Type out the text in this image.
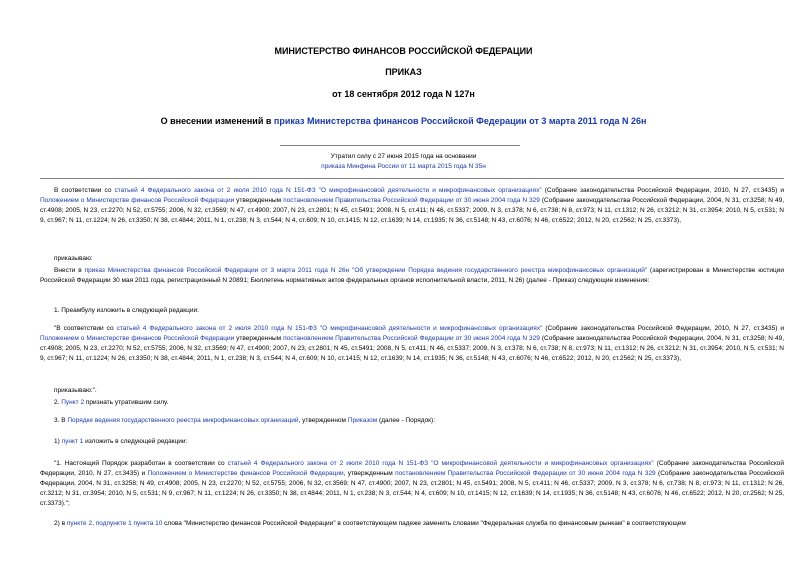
МИНИСТЕРСТВО ФИНАНСОВ РОССИЙСКОЙ ФЕДЕРАЦИИ
ПРИКАЗ
от 18 сентября 2012 года N 127н
О внесении изменений в приказ Министерства финансов Российской Федерации от 3 марта 2011 года N 26н
Утратил силу с 27 июня 2015 года на основании
приказа Минфина России от 11 марта 2015 года N 35н
В соответствии со статьей 4 Федерального закона от 2 июля 2010 года N 151-ФЗ "О микрофинансовой деятельности и микрофинансовых организациях" (Собрание законодательства Российской Федерации, 2010, N 27, ст.3435) и Положением о Министерстве финансов Российской Федерации утвержденным постановлением Правительства Российской Федерации от 30 июня 2004 года N 329 (Собрание законодательства Российской Федерации, 2004, N 31, ст.3258; N 49, ст.4908; 2005, N 23, ст.2270; N 52, ст.5755; 2006, N 32, ст.3569; N 47, ст.4900; 2007, N 23, ст.2801; N 45, ст.5491; 2008, N 5, ст.411; N 46, ст.5337; 2009, N 3, ст.378; N 6, ст.738; N 8, ст.973; N 11, ст.1312; N 26, ст.3212; N 31, ст.3954; 2010, N 5, ст.531; N 9, ст.967; N 11, ст.1224; N 26, ст.3350; N 38, ст.4844; 2011, N 1, ст.238; N 3, ст.544; N 4, ст.609; N 10, ст.1415; N 12, ст.1639; N 14, ст.1935; N 36, ст.5148; N 43, ст.6076; N 46, ст.6522; 2012, N 20, ст.2562; N 25, ст.3373),
приказываю:
Внести в приказ Министерства финансов Российской Федерации от 3 марта 2011 года N 26н "Об утверждении Порядка ведения государственного реестра микрофинансовых организаций" (зарегистрирован в Министерстве юстиции Российской Федерации 30 мая 2011 года, регистрационный N 20891; Бюллетень нормативных актов федеральных органов исполнительной власти, 2011, N 26) (далее - Приказ) следующие изменения:
1. Преамбулу изложить в следующей редакции:
"В соответствии со статьей 4 Федерального закона от 2 июля 2010 года N 151-ФЗ "О микрофинансовой деятельности и микрофинансовых организациях" (Собрание законодательства Российской Федерации, 2010, N 27, ст.3435) и Положением о Министерстве финансов Российской Федерации утвержденным постановлением Правительства Российской Федерации от 30 июня 2004 года N 329 (Собрание законодательства Российской Федерации, 2004, N 31, ст.3258; N 49, ст.4908; 2005, N 23, ст.2270; N 52, ст.5755; 2006, N 32, ст.3569; N 47, ст.4900; 2007, N 23, ст.2801; N 45, ст.5491; 2008, N 5, ст.411; N 46, ст.5337; 2009, N 3, ст.378; N 6, ст.738; N 8, ст.973; N 11, ст.1312; N 26, ст.3212; N 31, ст.3954; 2010, N 5, ст.531; N 9, ст.967; N 11, ст.1224; N 26, ст.3350; N 38, ст.4844; 2011, N 1, ст.238; N 3, ст.544; N 4, ст.609; N 10, ст.1415; N 12, ст.1639; N 14, ст.1935; N 36, ст.5148; N 43, ст.6076; N 46, ст.6522; 2012, N 20, ст.2562; N 25, ст.3373),
приказываю:".
2. Пункт 2 признать утратившим силу.
3. В Порядке ведения государственного реестра микрофинансовых организаций, утвержденном Приказом (далее - Порядок):
1) пункт 1 изложить в следующей редакции:
"1. Настоящий Порядок разработан в соответствии со статьей 4 Федерального закона от 2 июля 2010 года N 151-ФЗ "О микрофинансовой деятельности и микрофинансовых организациях" (Собрание законодательства Российской Федерации, 2010, N 27, ст.3435) и Положением о Министерстве финансов Российской Федерации, утвержденным постановлением Правительства Российской Федерации от 30 июня 2004 года N 329 (Собрание законодательства Российской Федерации, 2004, N 31, ст.3258; N 49, ст.4908; 2005, N 23, ст.2270; N 52, ст.5755; 2006, N 32, ст.3569; N 47, ст.4900; 2007, N 23, ст.2801; N 45, ст.5491; 2008, N 5, ст.411; N 46, ст.5337; 2009, N 3, ст.378; N 6, ст.738; N 8, ст.973; N 11, ст.1312; N 26, ст.3212; N 31, ст.3954; 2010, N 5, ст.531; N 9, ст.967; N 11, ст.1224; N 26, ст.3350; N 38, ст.4844; 2011, N 1, ст.238; N 3, ст.544; N 4, ст.609; N 10, ст.1415; N 12, ст.1639; N 14, ст.1935; N 36, ст.5148; N 43, ст.6076; N 46, ст.6522; 2012, N 20, ст.2562; N 25, ст.3373).";
2) в пункте 2, подпункте 1 пункта 10 слова "Министерство финансов Российской Федерации" в соответствующем падеже заменить словами "Федеральная служба по финансовым рынкам" в соответствующем
